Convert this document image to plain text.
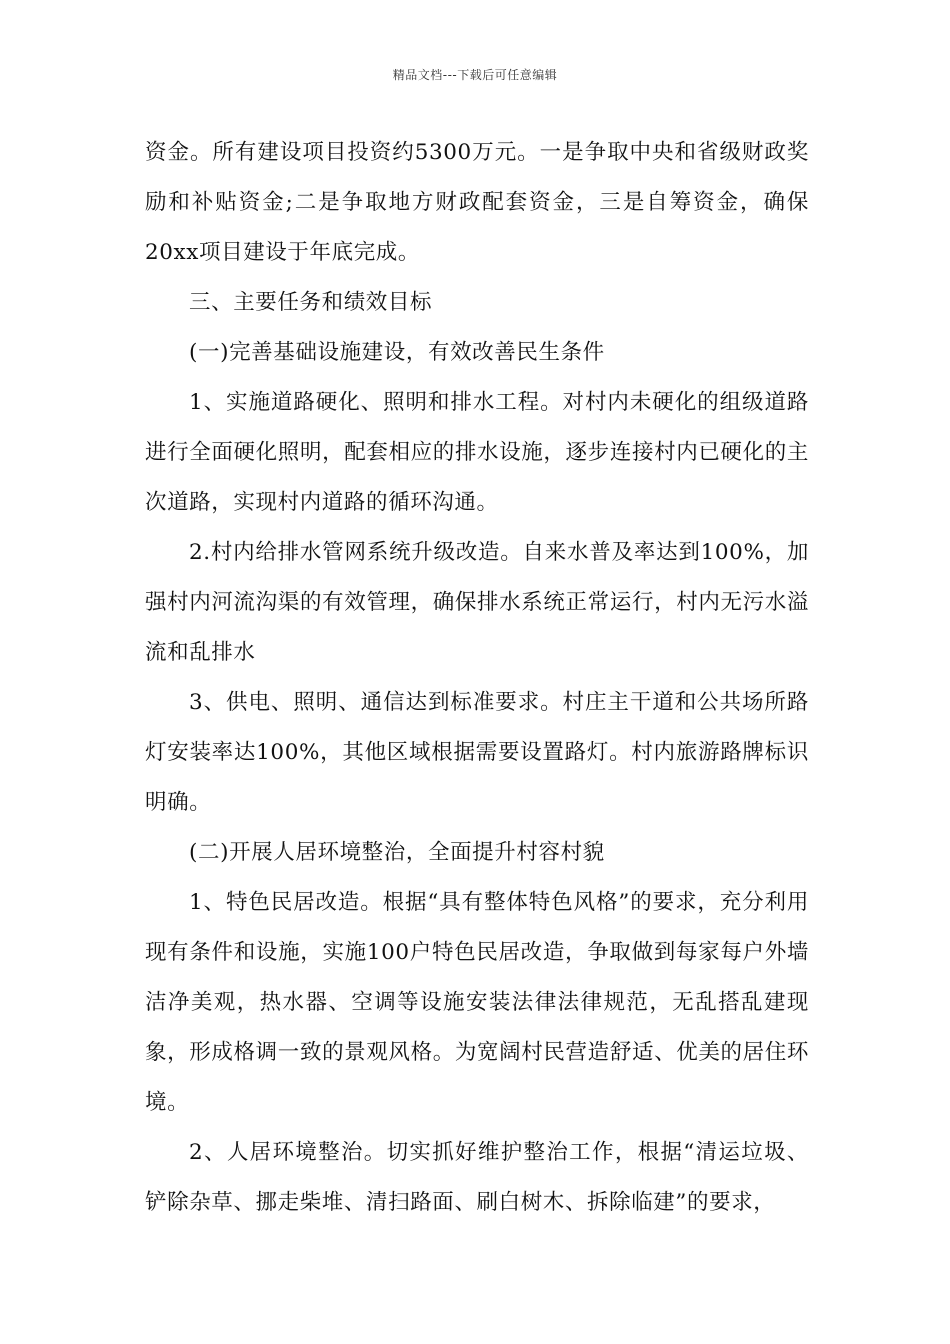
精品文档---下载后可任意编辑

资金。所有建设项目投资约5300万元。一是争取中央和省级财政奖励和补贴资金;二是争取地方财政配套资金，三是自筹资金，确保20xx项目建设于年底完成。

三、主要任务和绩效目标

(一)完善基础设施建设，有效改善民生条件

1、实施道路硬化、照明和排水工程。对村内未硬化的组级道路进行全面硬化照明，配套相应的排水设施，逐步连接村内已硬化的主次道路，实现村内道路的循环沟通。

2.村内给排水管网系统升级改造。自来水普及率达到100%，加强村内河流沟渠的有效管理，确保排水系统正常运行，村内无污水溢流和乱排水

3、供电、照明、通信达到标准要求。村庄主干道和公共场所路灯安装率达100%，其他区域根据需要设置路灯。村内旅游路牌标识明确。

(二)开展人居环境整治，全面提升村容村貌

1、特色民居改造。根据“具有整体特色风格”的要求，充分利用现有条件和设施，实施100户特色民居改造，争取做到每家每户外墙洁净美观，热水器、空调等设施安装法律法律规范，无乱搭乱建现象，形成格调一致的景观风格。为宽阔村民营造舒适、优美的居住环境。

2、人居环境整治。切实抓好维护整治工作，根据“清运垃圾、铲除杂草、挪走柴堆、清扫路面、刷白树木、拆除临建”的要求，
